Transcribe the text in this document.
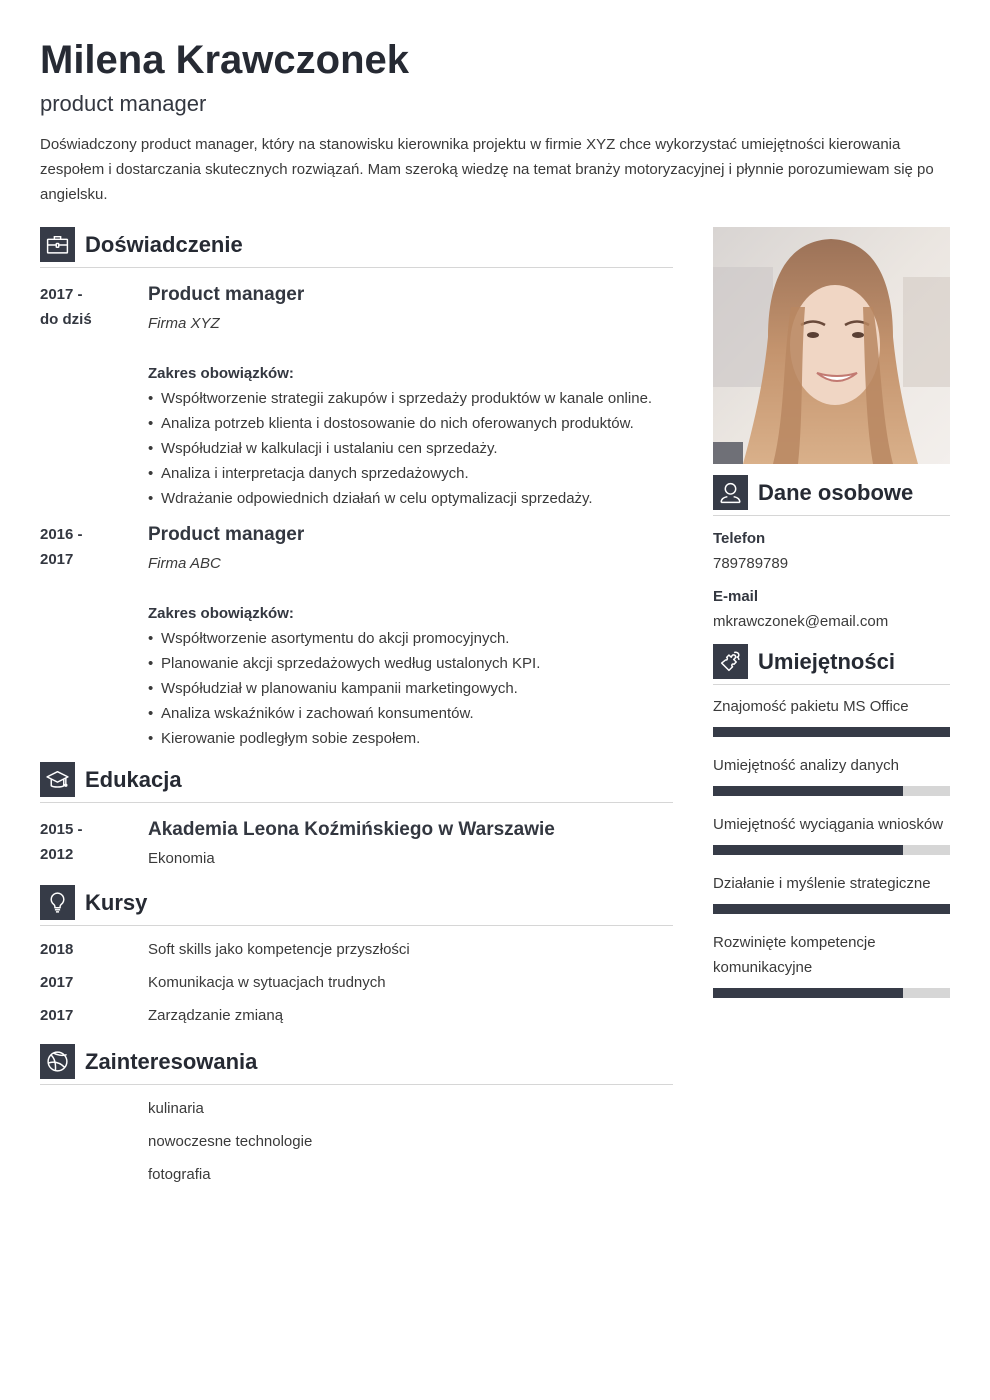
Milena Krawczonek
product manager
Doświadczony product manager, który na stanowisku kierownika projektu w firmie XYZ chce wykorzystać umiejętności kierowania zespołem i dostarczania skutecznych rozwiązań. Mam szeroką wiedzę na temat branży motoryzacyjnej i płynnie porozumiewam się po angielsku.
Doświadczenie
2017 -
do dziś
Product manager
Firma XYZ
Zakres obowiązków:
• Współtworzenie strategii zakupów i sprzedaży produktów w kanale online.
• Analiza potrzeb klienta i dostosowanie do nich oferowanych produktów.
• Współudział w kalkulacji i ustalaniu cen sprzedaży.
• Analiza i interpretacja danych sprzedażowych.
• Wdrażanie odpowiednich działań w celu optymalizacji sprzedaży.
2016 -
2017
Product manager
Firma ABC
Zakres obowiązków:
• Współtworzenie asortymentu do akcji promocyjnych.
• Planowanie akcji sprzedażowych według ustalonych KPI.
• Współudział w planowaniu kampanii marketingowych.
• Analiza wskaźników i zachowań konsumentów.
• Kierowanie podległym sobie zespołem.
Edukacja
2015 -
2012
Akademia Leona Koźmińskiego w Warszawie
Ekonomia
Kursy
2018	Soft skills jako kompetencje przyszłości
2017	Komunikacja w sytuacjach trudnych
2017	Zarządzanie zmianą
Zainteresowania
kulinaria
nowoczesne technologie
fotografia
Dane osobowe
Telefon
789789789
E-mail
mkrawczonek@email.com
Umiejętności
Znajomość pakietu MS Office
Umiejętność analizy danych
Umiejętność wyciągania wniosków
Działanie i myślenie strategiczne
Rozwinięte kompetencje komunikacyjne
